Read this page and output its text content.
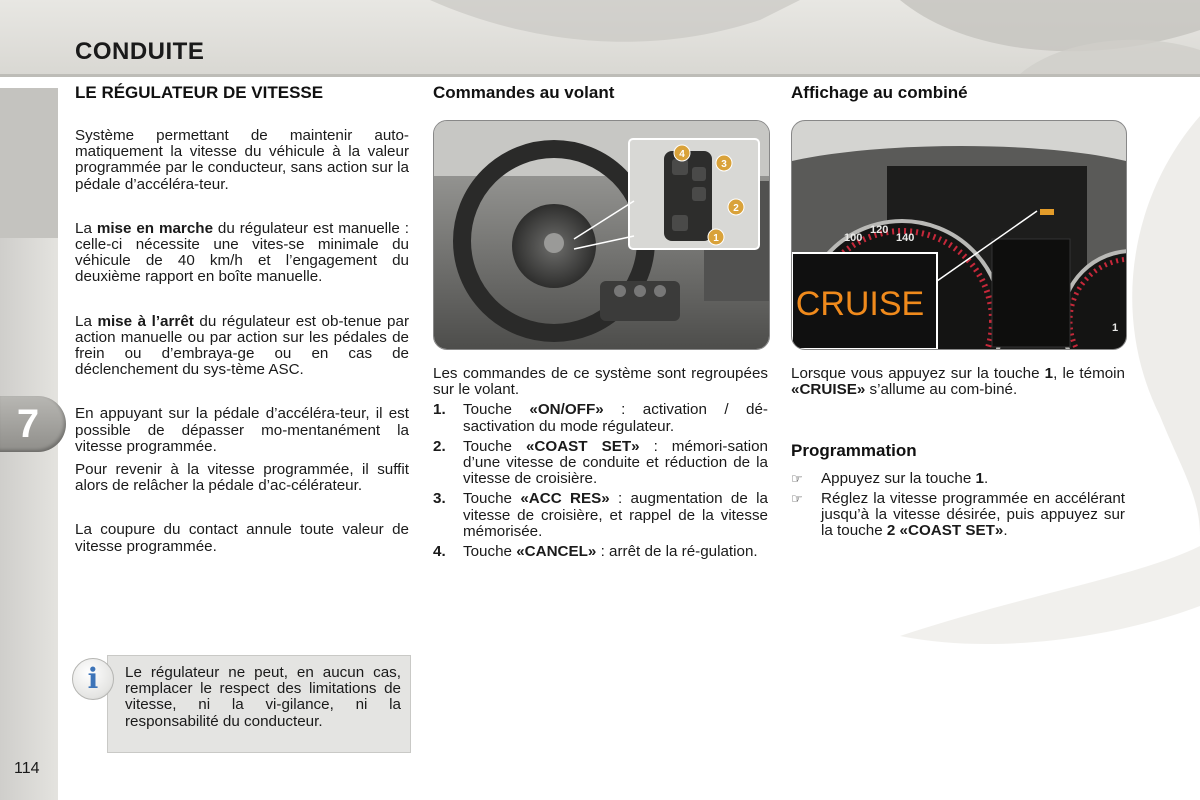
CONDUITE
7
114
LE RÉGULATEUR DE VITESSE

Système permettant de maintenir auto-matiquement la vitesse du véhicule à la valeur programmée par le conducteur, sans action sur la pédale d’accéléra-teur.

La mise en marche du régulateur est manuelle : celle-ci nécessite une vites-se minimale du véhicule de 40 km/h et l’engagement du deuxième rapport en boîte manuelle.

La mise à l’arrêt du régulateur est ob-tenue par action manuelle ou par action sur les pédales de frein ou d’embraya-ge ou en cas de déclenchement du sys-tème ASC.

En appuyant sur la pédale d’accéléra-teur, il est possible de dépasser mo-mentanément la vitesse programmée.

Pour revenir à la vitesse programmée, il suffit alors de relâcher la pédale d’ac-célérateur.

La coupure du contact annule toute valeur de vitesse programmée.

i	Le régulateur ne peut, en aucun cas, remplacer le respect des limitations de vitesse, ni la vi-gilance, ni la responsabilité du conducteur.

Commandes au volant
4
3
2
1

Les commandes de ce système sont regroupées sur le volant.

1. Touche «ON/OFF» : activation / dé-sactivation du mode régulateur.
2. Touche «COAST SET» : mémori-sation d’une vitesse de conduite et réduction de la vitesse de croisière.
3. Touche «ACC RES» : augmentation de la vitesse de croisière, et rappel de la vitesse mémorisée.
4. Touche «CANCEL» : arrêt de la ré-gulation.
Affichage au combiné
100
120
140
1
CRUISE

Lorsque vous appuyez sur la touche 1, le témoin «CRUISE» s’allume au com-biné.

Programmation
☞ Appuyez sur la touche 1.
☞ Réglez la vitesse programmée en accélérant jusqu’à la vitesse désirée, puis appuyez sur la touche 2 «COAST SET».
